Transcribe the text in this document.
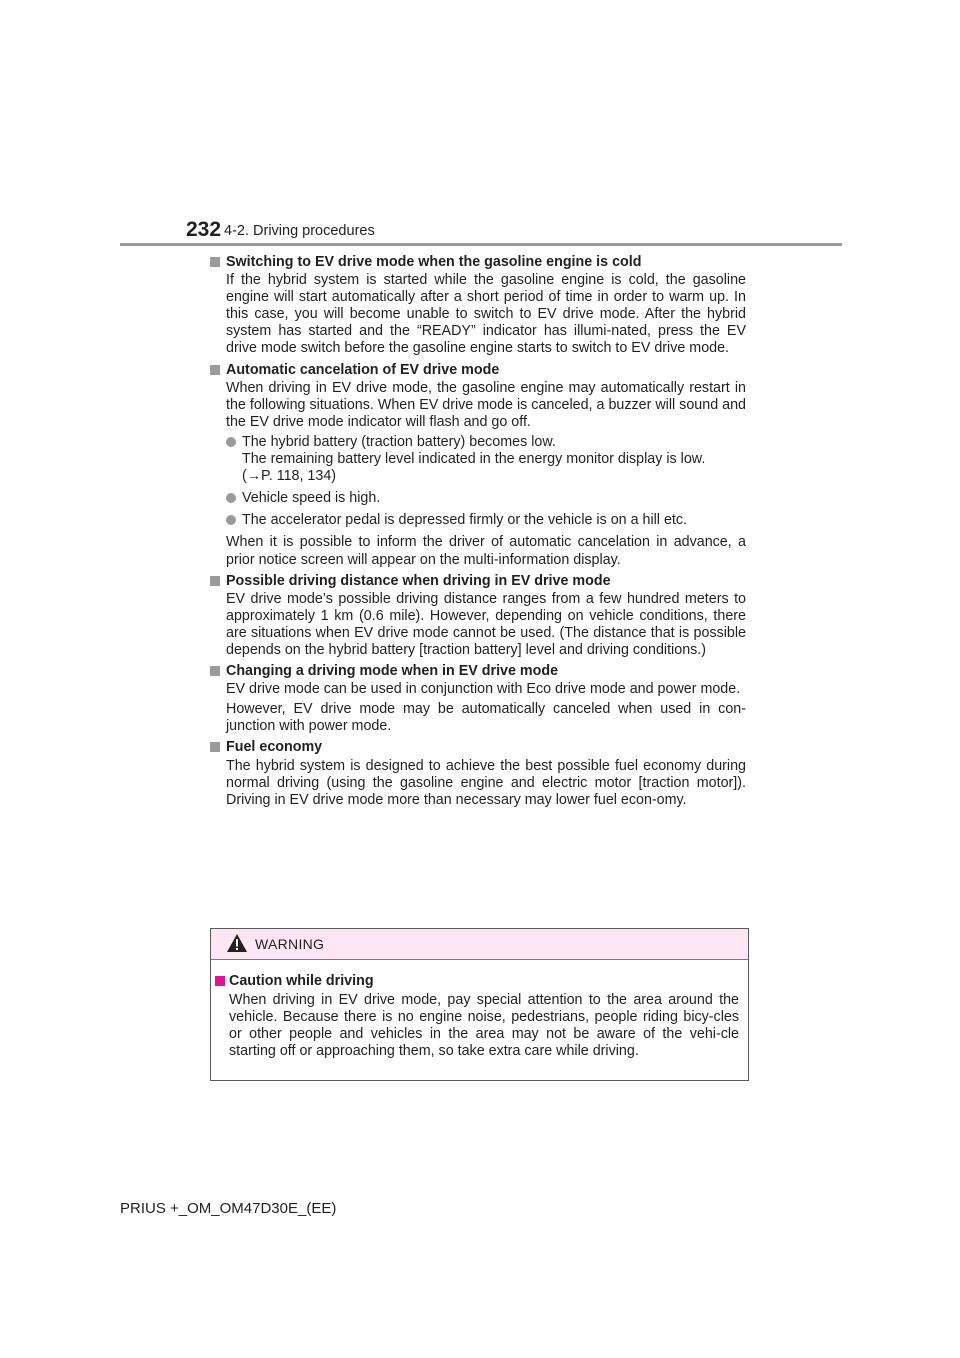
232 4-2. Driving procedures
Switching to EV drive mode when the gasoline engine is cold
If the hybrid system is started while the gasoline engine is cold, the gasoline engine will start automatically after a short period of time in order to warm up. In this case, you will become unable to switch to EV drive mode. After the hybrid system has started and the “READY” indicator has illumi-nated, press the EV drive mode switch before the gasoline engine starts to switch to EV drive mode.
Automatic cancelation of EV drive mode
When driving in EV drive mode, the gasoline engine may automatically restart in the following situations. When EV drive mode is canceled, a buzzer will sound and the EV drive mode indicator will flash and go off.
The hybrid battery (traction battery) becomes low.
The remaining battery level indicated in the energy monitor display is low.
(→P. 118, 134)
Vehicle speed is high.
The accelerator pedal is depressed firmly or the vehicle is on a hill etc.
When it is possible to inform the driver of automatic cancelation in advance, a prior notice screen will appear on the multi-information display.
Possible driving distance when driving in EV drive mode
EV drive mode’s possible driving distance ranges from a few hundred meters to approximately 1 km (0.6 mile). However, depending on vehicle conditions, there are situations when EV drive mode cannot be used. (The distance that is possible depends on the hybrid battery [traction battery] level and driving conditions.)
Changing a driving mode when in EV drive mode
EV drive mode can be used in conjunction with Eco drive mode and power mode.
However, EV drive mode may be automatically canceled when used in con-junction with power mode.
Fuel economy
The hybrid system is designed to achieve the best possible fuel economy during normal driving (using the gasoline engine and electric motor [traction motor]). Driving in EV drive mode more than necessary may lower fuel econ-omy.
WARNING
Caution while driving
When driving in EV drive mode, pay special attention to the area around the vehicle. Because there is no engine noise, pedestrians, people riding bicy-cles or other people and vehicles in the area may not be aware of the vehi-cle starting off or approaching them, so take extra care while driving.
PRIUS +_OM_OM47D30E_(EE)
